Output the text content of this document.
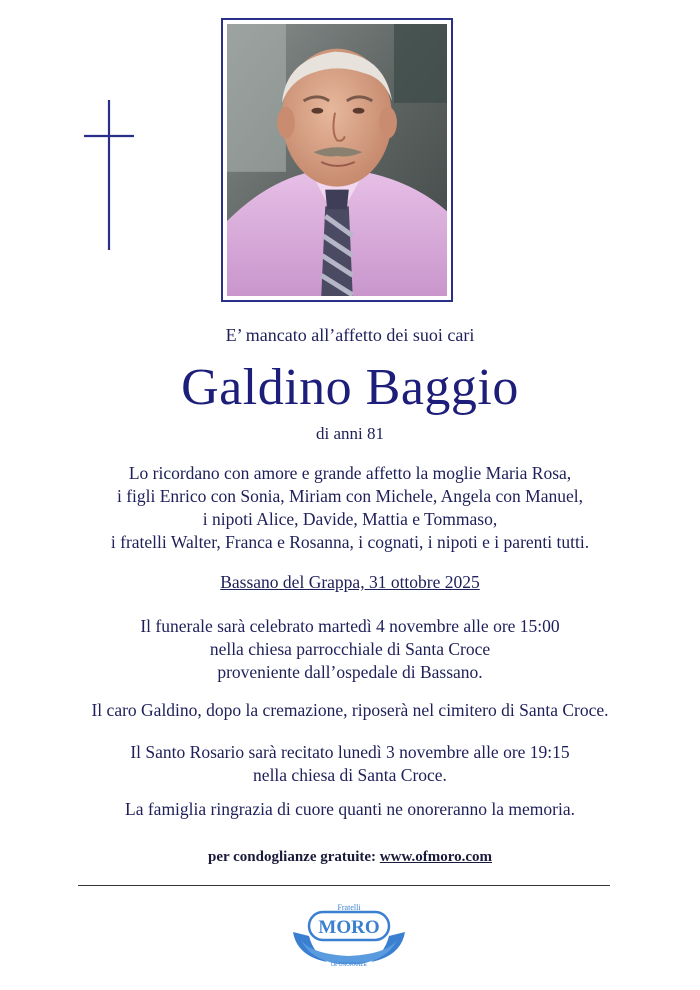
E’ mancato all’affetto dei suoi cari
Galdino Baggio
di anni 81
Lo ricordano con amore e grande affetto la moglie Maria Rosa,
i figli Enrico con Sonia, Miriam con Michele, Angela con Manuel,
i nipoti Alice, Davide, Mattia e Tommaso,
i fratelli Walter, Franca e Rosanna, i cognati, i nipoti e i parenti tutti.
Bassano del Grappa, 31 ottobre 2025
Il funerale sarà celebrato martedì 4 novembre alle ore 15:00
nella chiesa parrocchiale di Santa Croce
proveniente dall’ospedale di Bassano.
Il caro Galdino, dopo la cremazione, riposerà nel cimitero di Santa Croce.
Il Santo Rosario sarà recitato lunedì 3 novembre alle ore 19:15
nella chiesa di Santa Croce.
La famiglia ringrazia di cuore quanti ne onoreranno la memoria.
per condoglianze gratuite: www.ofmoro.com
Fratelli
MORO
LE ONORANZE
